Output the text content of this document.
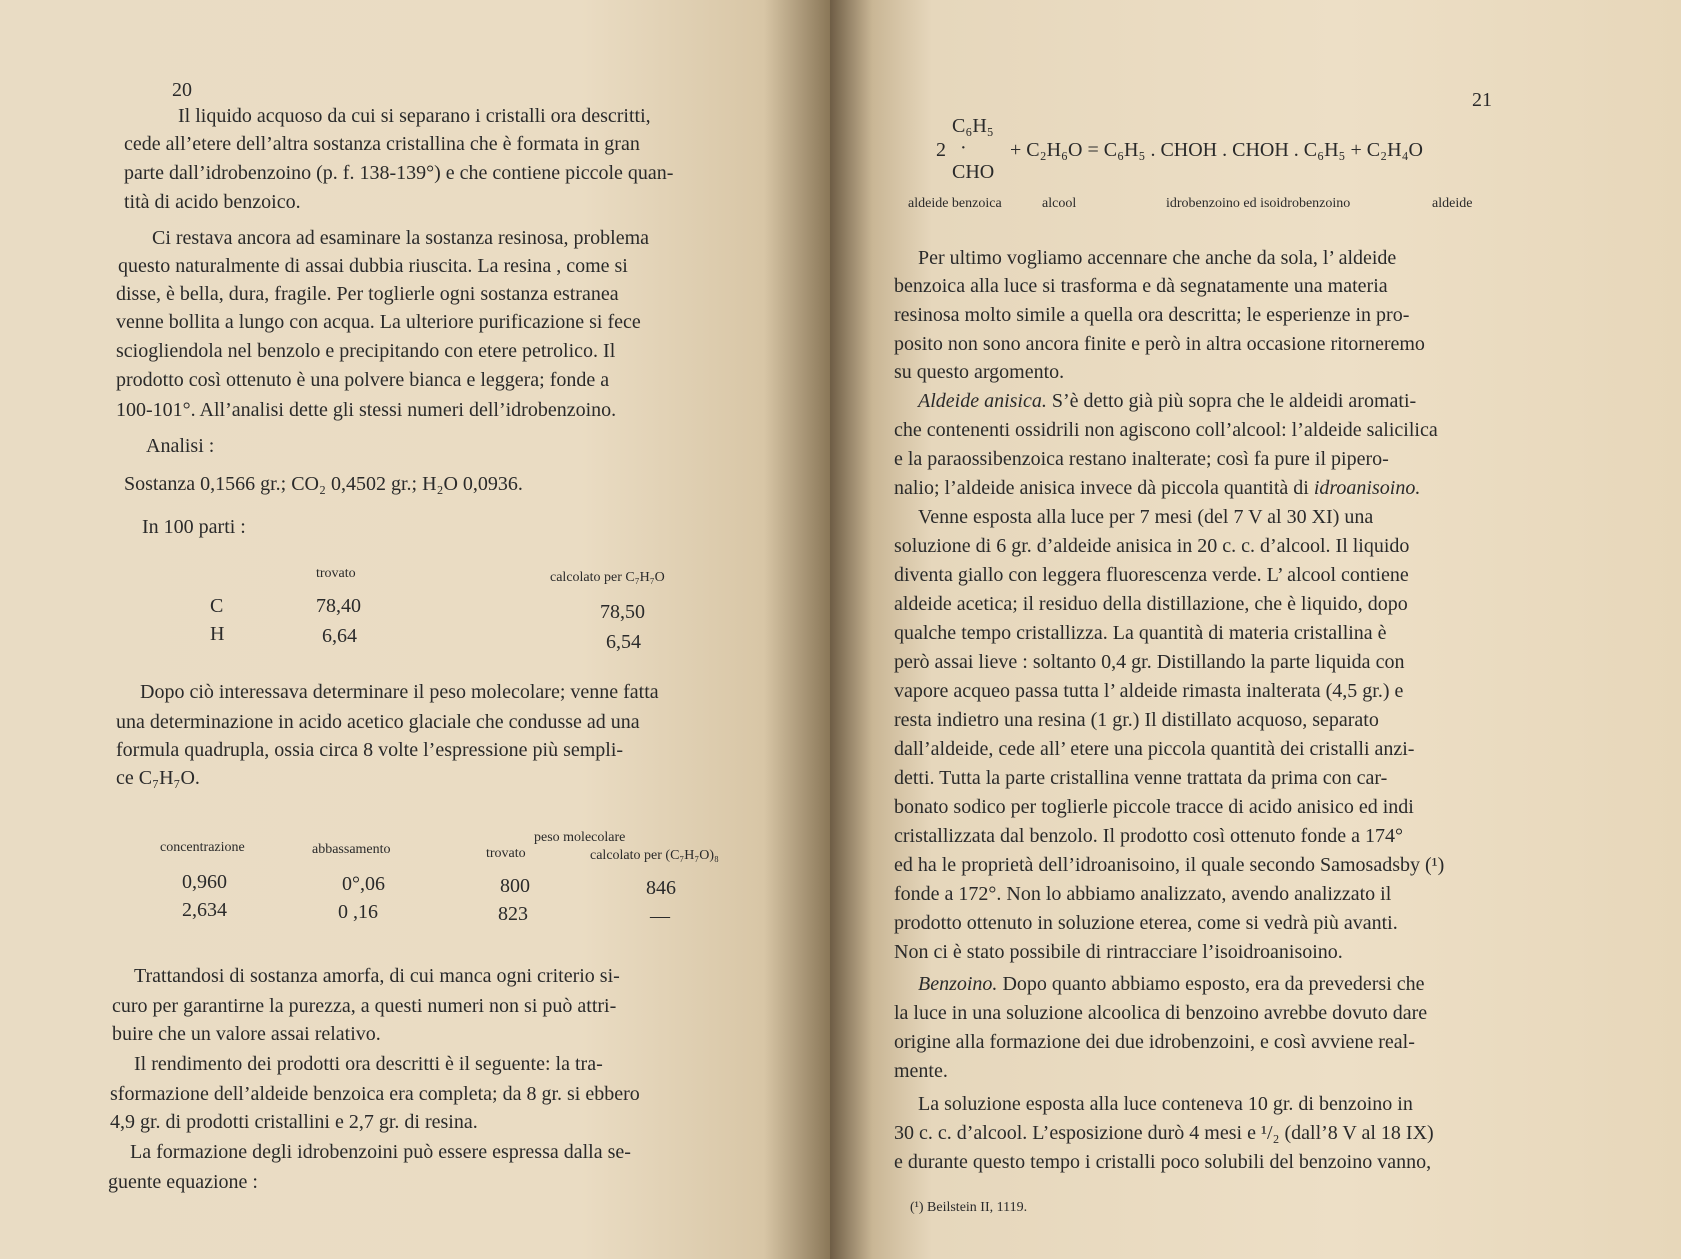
20
Il liquido acquoso da cui si separano i cristalli ora descritti,
cede all’etere dell’altra sostanza cristallina che è formata in gran
parte dall’idrobenzoino (p. f. 138-139°) e che contiene piccole quan-
tità di acido benzoico.
Ci restava ancora ad esaminare la sostanza resinosa, problema
questo naturalmente di assai dubbia riuscita. La resina , come si
disse, è bella, dura, fragile. Per toglierle ogni sostanza estranea
venne bollita a lungo con acqua. La ulteriore purificazione si fece
sciogliendola nel benzolo e precipitando con etere petrolico. Il
prodotto così ottenuto è una polvere bianca e leggera; fonde a
100-101°. All’analisi dette gli stessi numeri dell’idrobenzoino.
Analisi :
Sostanza 0,1566 gr.; CO₂ 0,4502 gr.; H₂O 0,0936.
In 100 parti :
trovato	calcolato per C₇H₇O
C	78,40	78,50
H	6,64	6,54
Dopo ciò interessava determinare il peso molecolare; venne fatta
una determinazione in acido acetico glaciale che condusse ad una
formula quadrupla, ossia circa 8 volte l’espressione più sempli-
ce C₇H₇O.
peso molecolare
concentrazione	abbassamento	trovato	calcolato per (C₇H₇O)₈
0,960	0°,06	800	846
2,634	0 ,16	823	—
Trattandosi di sostanza amorfa, di cui manca ogni criterio si-
curo per garantirne la purezza, a questi numeri non si può attri-
buire che un valore assai relativo.
Il rendimento dei prodotti ora descritti è il seguente: la tra-
sformazione dell’aldeide benzoica era completa; da 8 gr. si ebbero
4,9 gr. di prodotti cristallini e 2,7 gr. di resina.
La formazione degli idrobenzoini può essere espressa dalla se-
guente equazione :
21
C₆H₅
2 · + C₂H₆O = C₆H₅ . CHOH . CHOH . C₆H₅ + C₂H₄O
CHO
aldeide benzoica	alcool	idrobenzoino ed isoidrobenzoino	aldeide
Per ultimo vogliamo accennare che anche da sola, l’ aldeide
benzoica alla luce si trasforma e dà segnatamente una materia
resinosa molto simile a quella ora descritta; le esperienze in pro-
posito non sono ancora finite e però in altra occasione ritorneremo
su questo argomento.
Aldeide anisica. S’è detto già più sopra che le aldeidi aromati-
che contenenti ossidrili non agiscono coll’alcool: l’aldeide salicilica
e la paraossibenzoica restano inalterate; così fa pure il pipero-
nalio; l’aldeide anisica invece dà piccola quantità di idroanisoino.
Venne esposta alla luce per 7 mesi (del 7 V al 30 XI) una
soluzione di 6 gr. d’aldeide anisica in 20 c. c. d’alcool. Il liquido
diventa giallo con leggera fluorescenza verde. L’ alcool contiene
aldeide acetica; il residuo della distillazione, che è liquido, dopo
qualche tempo cristallizza. La quantità di materia cristallina è
però assai lieve : soltanto 0,4 gr. Distillando la parte liquida con
vapore acqueo passa tutta l’ aldeide rimasta inalterata (4,5 gr.) e
resta indietro una resina (1 gr.) Il distillato acquoso, separato
dall’aldeide, cede all’ etere una piccola quantità dei cristalli anzi-
detti. Tutta la parte cristallina venne trattata da prima con car-
bonato sodico per toglierle piccole tracce di acido anisico ed indi
cristallizzata dal benzolo. Il prodotto così ottenuto fonde a 174°
ed ha le proprietà dell’idroanisoino, il quale secondo Samosadsby (¹)
fonde a 172°. Non lo abbiamo analizzato, avendo analizzato il
prodotto ottenuto in soluzione eterea, come si vedrà più avanti.
Non ci è stato possibile di rintracciare l’isoidroanisoino.
Benzoino. Dopo quanto abbiamo esposto, era da prevedersi che
la luce in una soluzione alcoolica di benzoino avrebbe dovuto dare
origine alla formazione dei due idrobenzoini, e così avviene real-
mente.
La soluzione esposta alla luce conteneva 10 gr. di benzoino in
30 c. c. d’alcool. L’esposizione durò 4 mesi e ¹/₂ (dall’8 V al 18 IX)
e durante questo tempo i cristalli poco solubili del benzoino vanno,
(¹) Beilstein II, 1119.
